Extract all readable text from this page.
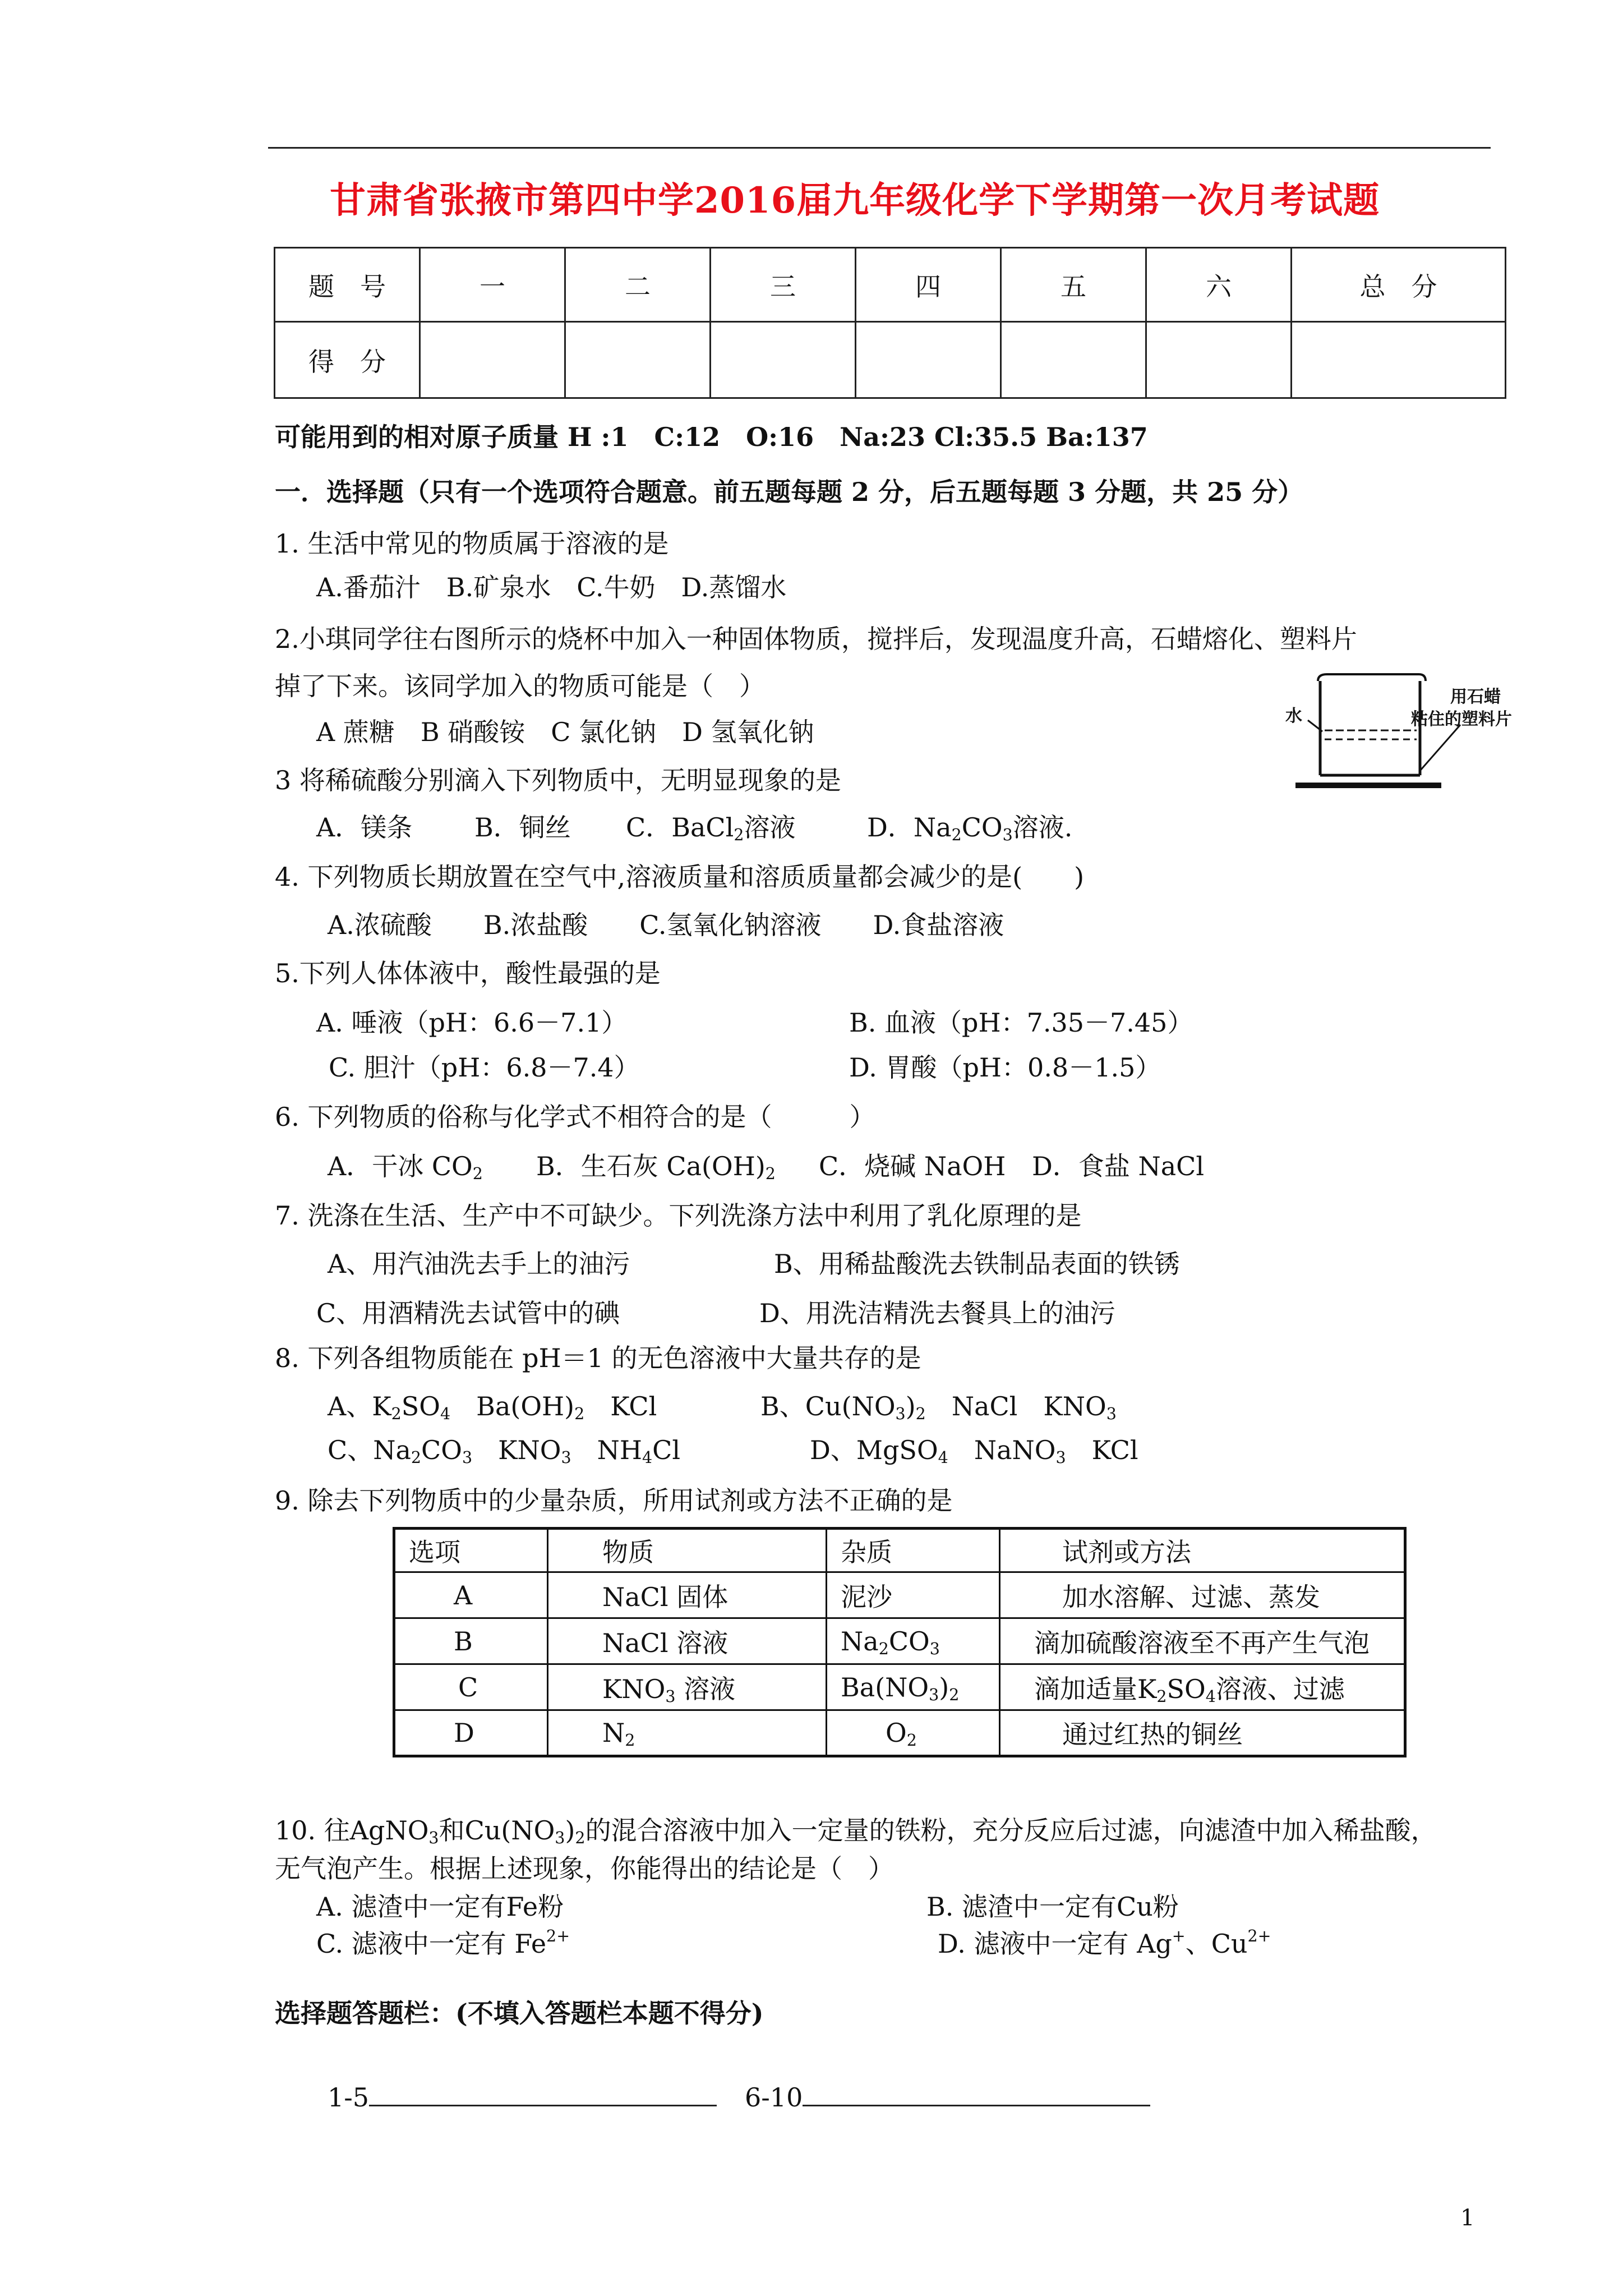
甘肃省张掖市第四中学2016届九年级化学下学期第一次月考试题
题　号	一	二	三	四	五	六	总　分
得　分							
可能用到的相对原子质量 H :1　C:12　O:16　Na:23 Cl:35.5 Ba:137
一．选择题（只有一个选项符合题意。前五题每题 2 分，后五题每题 3 分题，共 25 分）
1. 生活中常见的物质属于溶液的是
A.番茄汁　B.矿泉水　C.牛奶　D.蒸馏水
2.小琪同学往右图所示的烧杯中加入一种固体物质，搅拌后，发现温度升高，石蜡熔化、塑料片
掉了下来。该同学加入的物质可能是（　）
A 蔗糖　B 硝酸铵　C 氯化钠　D 氢氧化钠
水
用石蜡
粘住的塑料片
3 将稀硫酸分别滴入下列物质中，无明显现象的是
A．镁条 B．铜丝 C．BaCl$_2$溶液	D．$Na_2CO_3$溶液.
4. 下列物质长期放置在空气中,溶液质量和溶质质量都会减少的是(　　)
A.浓硫酸　　B.浓盐酸　　C.氢氧化钠溶液　　D.食盐溶液
5.下列人体体液中，酸性最强的是
A. 唾液（pH：6.6－7.1）	B. 血液（pH：7.35－7.45）
C. 胆汁（pH：6.8－7.4）	D. 胃酸（pH：0.8－1.5）
6. 下列物质的俗称与化学式不相符合的是（　　　）
A．干冰 $CO_2$ B．生石灰 $Ca(OH)_2$ C．烧碱 NaOH D．食盐 NaCl
7. 洗涤在生活、生产中不可缺少。下列洗涤方法中利用了乳化原理的是
A、用汽油洗去手上的油污	B、用稀盐酸洗去铁制品表面的铁锈
C、用酒精洗去试管中的碘	D、用洗洁精洗去餐具上的油污
8. 下列各组物质能在 pH＝1 的无色溶液中大量共存的是
A、$K_2SO_4$　$Ba(OH)_2$　KCl	B、$Cu(NO_3)_2$　NaCl　$KNO_3$
C、$Na_2CO_3$　$KNO_3$　$NH_4Cl$	D、MgSO$_4$　NaNO$_3$　KCl
9. 除去下列物质中的少量杂质，所用试剂或方法不正确的是
选项	物质	杂质	试剂或方法
A	NaCl 固体	泥沙	加水溶解、过滤、蒸发
B	NaCl 溶液	$Na_2CO_3$	滴加硫酸溶液至不再产生气泡
C	$KNO_3$ 溶液	$Ba(NO_3)_2$	滴加适量$K_2SO_4$溶液、过滤
D	$N_2$	$O_2$	通过红热的铜丝
10. 往AgNO$_3$和$Cu(NO_3)_2$的混合溶液中加入一定量的铁粉，充分反应后过滤，向滤渣中加入稀盐酸，
无气泡产生。根据上述现象，你能得出的结论是（　）
A. 滤渣中一定有Fe粉	B. 滤渣中一定有Cu粉
C. 滤液中一定有 $Fe^{2+}$	D. 滤液中一定有 Ag+、$Cu^{2+}$
选择题答题栏：(不填入答题栏本题不得分)
1-5	6-10
1
